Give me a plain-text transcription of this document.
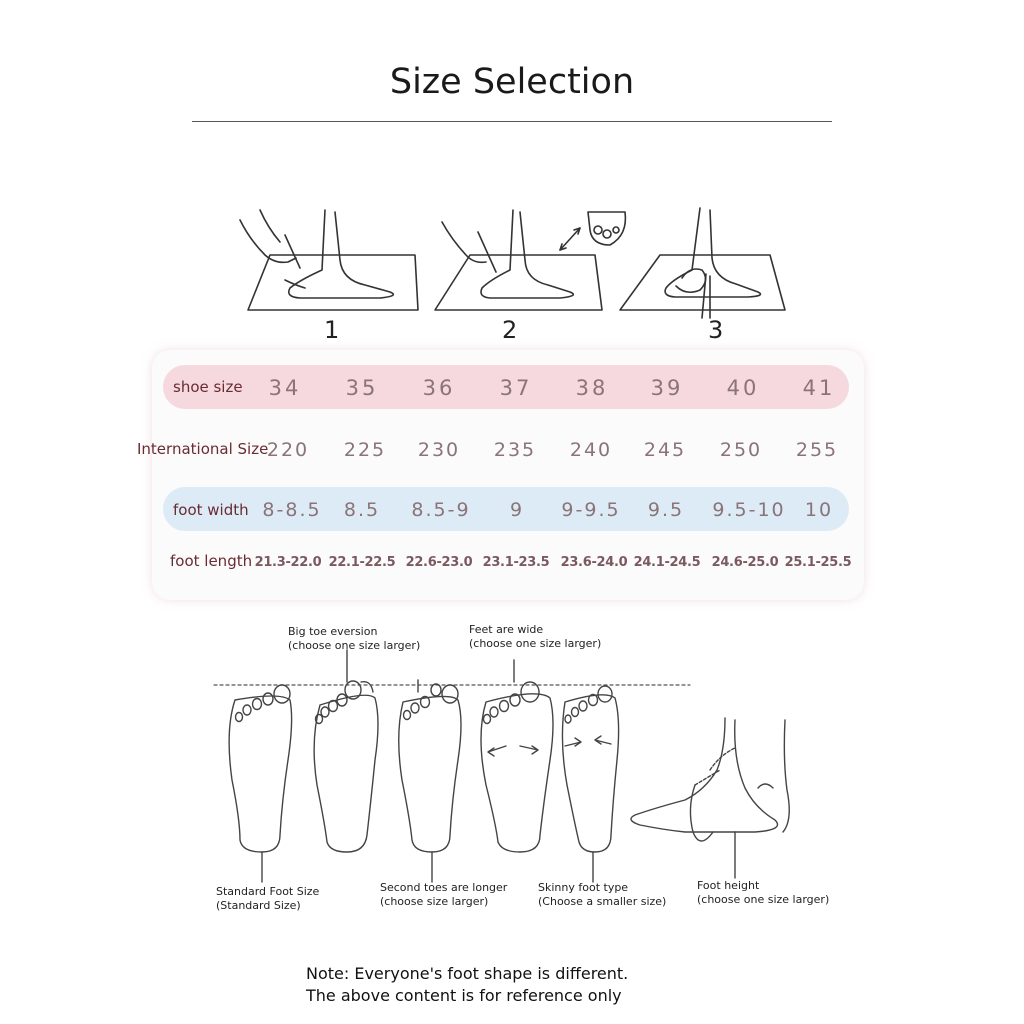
Size Selection
1	2	3
shoe size
International Size
foot width
foot length
34 35 36 37 38 39 40 41
220 225 230 235 240 245 250 255
8-8.5 8.5 8.5-9 9 9-9.5 9.5 9.5-10 10
21.3-22.0 22.1-22.5 22.6-23.0 23.1-23.5 23.6-24.0 24.1-24.5 24.6-25.0 25.1-25.5
Big toe eversion
(choose one size larger)
Feet are wide
(choose one size larger)
Standard Foot Size
(Standard Size)
Second toes are longer
(choose size larger)
Skinny foot type
(Choose a smaller size)
Foot height
(choose one size larger)
Note: Everyone's foot shape is different.
The above content is for reference only
